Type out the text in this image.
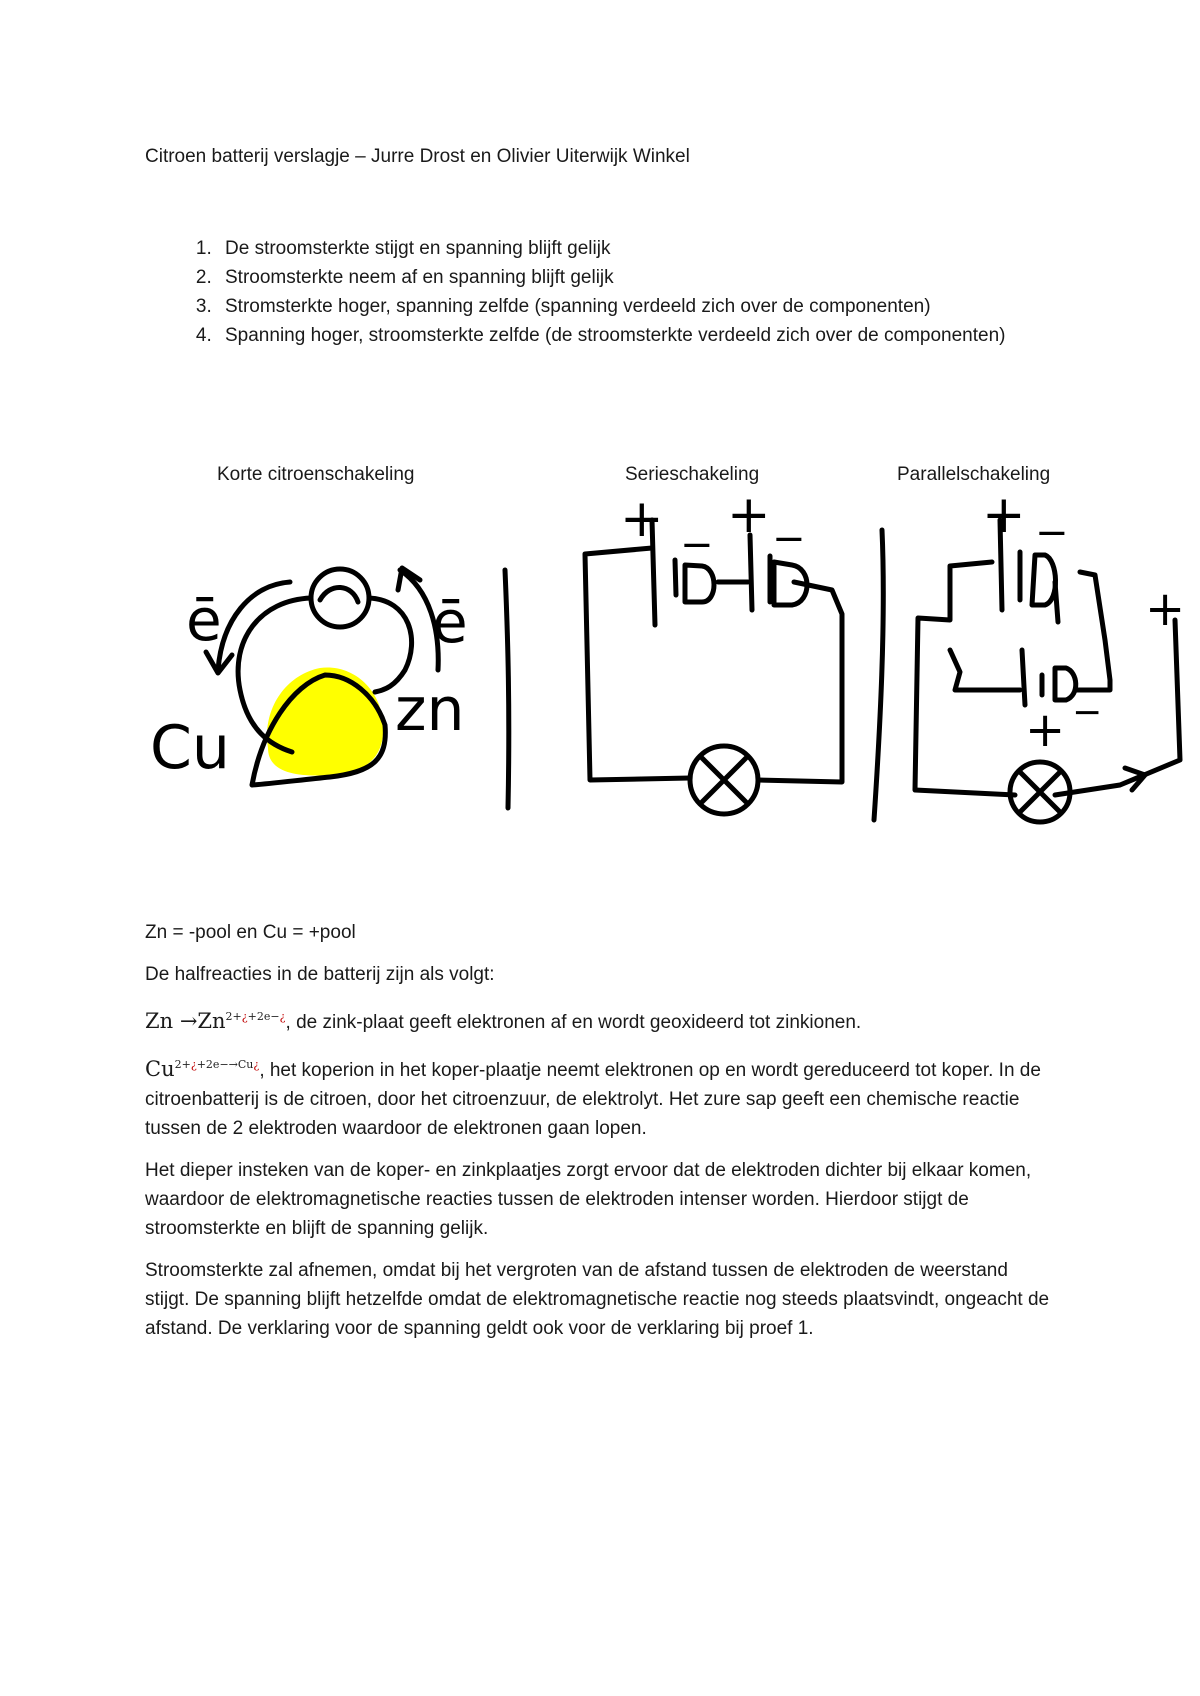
Citroen batterij verslagje – Jurre Drost en Olivier Uiterwijk Winkel
1. De stroomsterkte stijgt en spanning blijft gelijk
2. Stroomsterkte neem af en spanning blijft gelijk
3. Stromsterkte hoger, spanning zelfde (spanning verdeeld zich over de componenten)
4. Spanning hoger, stroomsterkte zelfde (de stroomsterkte verdeeld zich over de componenten)
Korte citroenschakeling	Serieschakeling	Parallelschakeling
ē	ē
Cu
zn
+ − + −	+ −
+
+ −

Zn = -pool en Cu = +pool

De halfreacties in de batterij zijn als volgt:

$Zn \to Zn^{2+¿+2e-¿}$, de zink-plaat geeft elektronen af en wordt geoxideerd tot zinkionen.

$Cu^{2+¿+2e-\to Cu¿}$, het koperion in het koper-plaatje neemt elektronen op en wordt gereduceerd tot koper. In de citroenbatterij is de citroen, door het citroenzuur, de elektrolyt. Het zure sap geeft een chemische reactie tussen de 2 elektroden waardoor de elektronen gaan lopen.

Het dieper insteken van de koper- en zinkplaatjes zorgt ervoor dat de elektroden dichter bij elkaar komen, waardoor de elektromagnetische reacties tussen de elektroden intenser worden. Hierdoor stijgt de stroomsterkte en blijft de spanning gelijk.

Stroomsterkte zal afnemen, omdat bij het vergroten van de afstand tussen de elektroden de weerstand stijgt. De spanning blijft hetzelfde omdat de elektromagnetische reactie nog steeds plaatsvindt, ongeacht de afstand. De verklaring voor de spanning geldt ook voor de verklaring bij proef 1.
